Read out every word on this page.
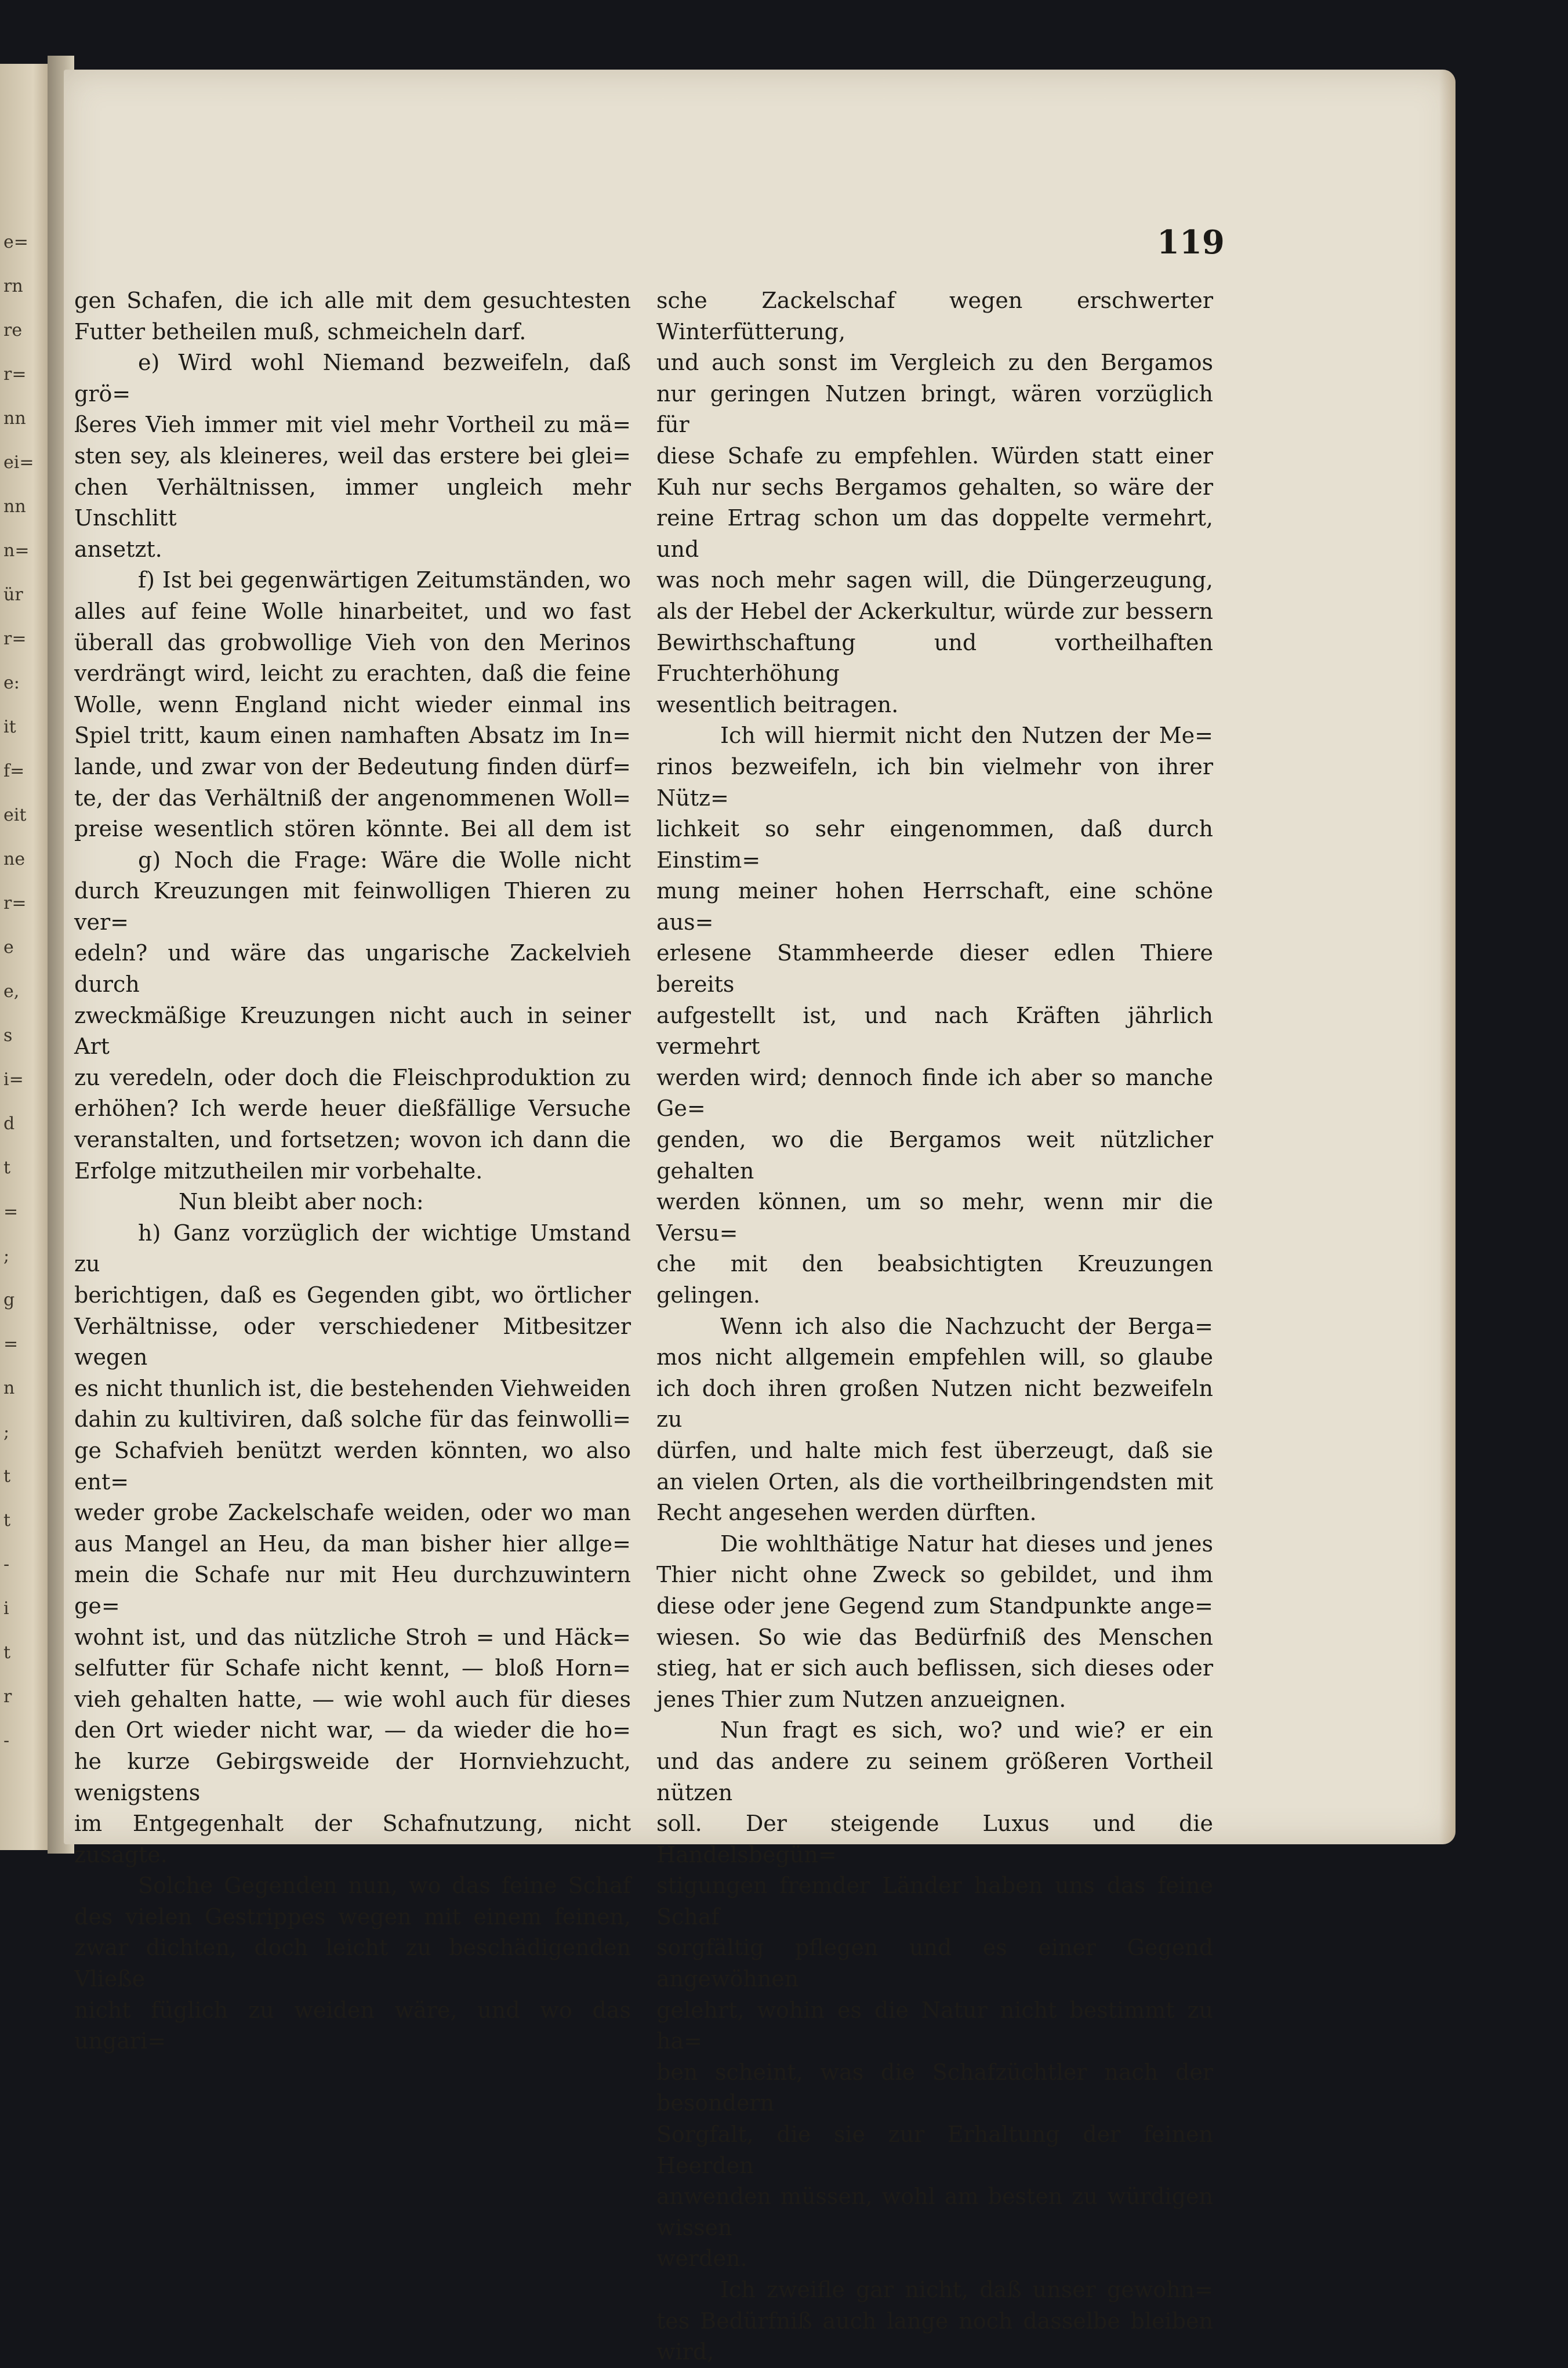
e=
rn
re
r=
nn
ei=
nn
n=
ür
r=
e:
it
f=
eit
ne
r=
e
e,
s
i=
d
t
=
;
g
=
n
;
t
t
-
i
t
r
-
119

gen Schafen, die ich alle mit dem gesuchtesten

Futter betheilen muß, schmeicheln darf.

e) Wird wohl Niemand bezweifeln, daß grö=

ßeres Vieh immer mit viel mehr Vortheil zu mä=

sten sey, als kleineres, weil das erstere bei glei=

chen Verhältnissen, immer ungleich mehr Unschlitt

ansetzt.

f) Ist bei gegenwärtigen Zeitumständen, wo

alles auf feine Wolle hinarbeitet, und wo fast

überall das grobwollige Vieh von den Merinos

verdrängt wird, leicht zu erachten, daß die feine

Wolle, wenn England nicht wieder einmal ins

Spiel tritt, kaum einen namhaften Absatz im In=

lande, und zwar von der Bedeutung finden dürf=

te, der das Verhältniß der angenommenen Woll=

preise wesentlich stören könnte. Bei all dem ist

g) Noch die Frage: Wäre die Wolle nicht

durch Kreuzungen mit feinwolligen Thieren zu ver=

edeln? und wäre das ungarische Zackelvieh durch

zweckmäßige Kreuzungen nicht auch in seiner Art

zu veredeln, oder doch die Fleischproduktion zu

erhöhen? Ich werde heuer dießfällige Versuche

veranstalten, und fortsetzen; wovon ich dann die

Erfolge mitzutheilen mir vorbehalte.

Nun bleibt aber noch:

h) Ganz vorzüglich der wichtige Umstand zu

berichtigen, daß es Gegenden gibt, wo örtlicher

Verhältnisse, oder verschiedener Mitbesitzer wegen

es nicht thunlich ist, die bestehenden Viehweiden

dahin zu kultiviren, daß solche für das feinwolli=

ge Schafvieh benützt werden könnten, wo also ent=

weder grobe Zackelschafe weiden, oder wo man

aus Mangel an Heu, da man bisher hier allge=

mein die Schafe nur mit Heu durchzuwintern ge=

wohnt ist, und das nützliche Stroh = und Häck=

selfutter für Schafe nicht kennt, — bloß Horn=

vieh gehalten hatte, — wie wohl auch für dieses

den Ort wieder nicht war, — da wieder die ho=

he kurze Gebirgsweide der Hornviehzucht, wenigstens

im Entgegenhalt der Schafnutzung, nicht zusagte.

Solche Gegenden nun, wo das feine Schaf

des vielen Gestrippes wegen mit einem feinen,

zwar dichten, doch leicht zu beschädigenden Vließe

nicht füglich zu weiden wäre, und wo das ungari=

sche Zackelschaf wegen erschwerter Winterfütterung,

und auch sonst im Vergleich zu den Bergamos

nur geringen Nutzen bringt, wären vorzüglich für

diese Schafe zu empfehlen. Würden statt einer

Kuh nur sechs Bergamos gehalten, so wäre der

reine Ertrag schon um das doppelte vermehrt, und

was noch mehr sagen will, die Düngerzeugung,

als der Hebel der Ackerkultur, würde zur bessern

Bewirthschaftung und vortheilhaften Fruchterhöhung

wesentlich beitragen.

Ich will hiermit nicht den Nutzen der Me=

rinos bezweifeln, ich bin vielmehr von ihrer Nütz=

lichkeit so sehr eingenommen, daß durch Einstim=

mung meiner hohen Herrschaft, eine schöne aus=

erlesene Stammheerde dieser edlen Thiere bereits

aufgestellt ist, und nach Kräften jährlich vermehrt

werden wird; dennoch finde ich aber so manche Ge=

genden, wo die Bergamos weit nützlicher gehalten

werden können, um so mehr, wenn mir die Versu=

che mit den beabsichtigten Kreuzungen gelingen.

Wenn ich also die Nachzucht der Berga=

mos nicht allgemein empfehlen will, so glaube

ich doch ihren großen Nutzen nicht bezweifeln zu

dürfen, und halte mich fest überzeugt, daß sie

an vielen Orten, als die vortheilbringendsten mit

Recht angesehen werden dürften.

Die wohlthätige Natur hat dieses und jenes

Thier nicht ohne Zweck so gebildet, und ihm

diese oder jene Gegend zum Standpunkte ange=

wiesen. So wie das Bedürfniß des Menschen

stieg, hat er sich auch beflissen, sich dieses oder

jenes Thier zum Nutzen anzueignen.

Nun fragt es sich, wo? und wie? er ein

und das andere zu seinem größeren Vortheil nützen

soll. Der steigende Luxus und die Handelsbegün=

stigungen fremder Länder haben uns das feine Schaf

sorgfältig pflegen und es einer Gegend angewöhnen

gelehrt, wohin es die Natur nicht bestimmt zu ha=

ben scheint, was die Schafzüchtler nach der besondern

Sorgfalt, die sie zur Erhaltung der feinen Heerden

anwenden müssen, wohl am besten zu würdigen wissen

werden.

Ich zweifle gar nicht, daß unser gewohn=

tes Bedürfniß auch lange noch dasselbe bleiben wird,
